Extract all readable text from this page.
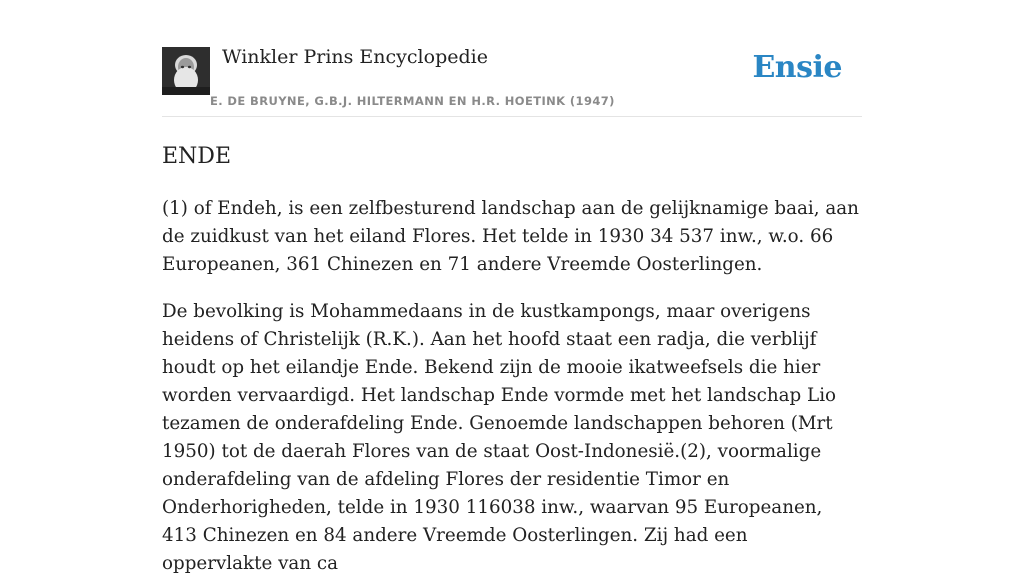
Winkler Prins Encyclopedie
E. DE BRUYNE, G.B.J. HILTERMANN EN H.R. HOETINK (1947)
Ensie
ENDE

(1) of Endeh, is een zelfbesturend landschap aan de gelijknamige baai, aan de zuidkust van het eiland Flores. Het telde in 1930 34 537 inw., w.o. 66 Europeanen, 361 Chinezen en 71 andere Vreemde Oosterlingen.

De bevolking is Mohammedaans in de kustkampongs, maar overigens heidens of Christelijk (R.K.). Aan het hoofd staat een radja, die verblijf houdt op het eilandje Ende. Bekend zijn de mooie ikatweefsels die hier worden vervaardigd. Het landschap Ende vormde met het landschap Lio tezamen de onderafdeling Ende. Genoemde landschappen behoren (Mrt 1950) tot de daerah Flores van de staat Oost-Indonesië.(2), voormalige onderafdeling van de afdeling Flores der residentie Timor en Onderhorigheden, telde in 1930 116038 inw., waarvan 95 Europeanen, 413 Chinezen en 84 andere Vreemde Oosterlingen. Zij had een oppervlakte van ca
